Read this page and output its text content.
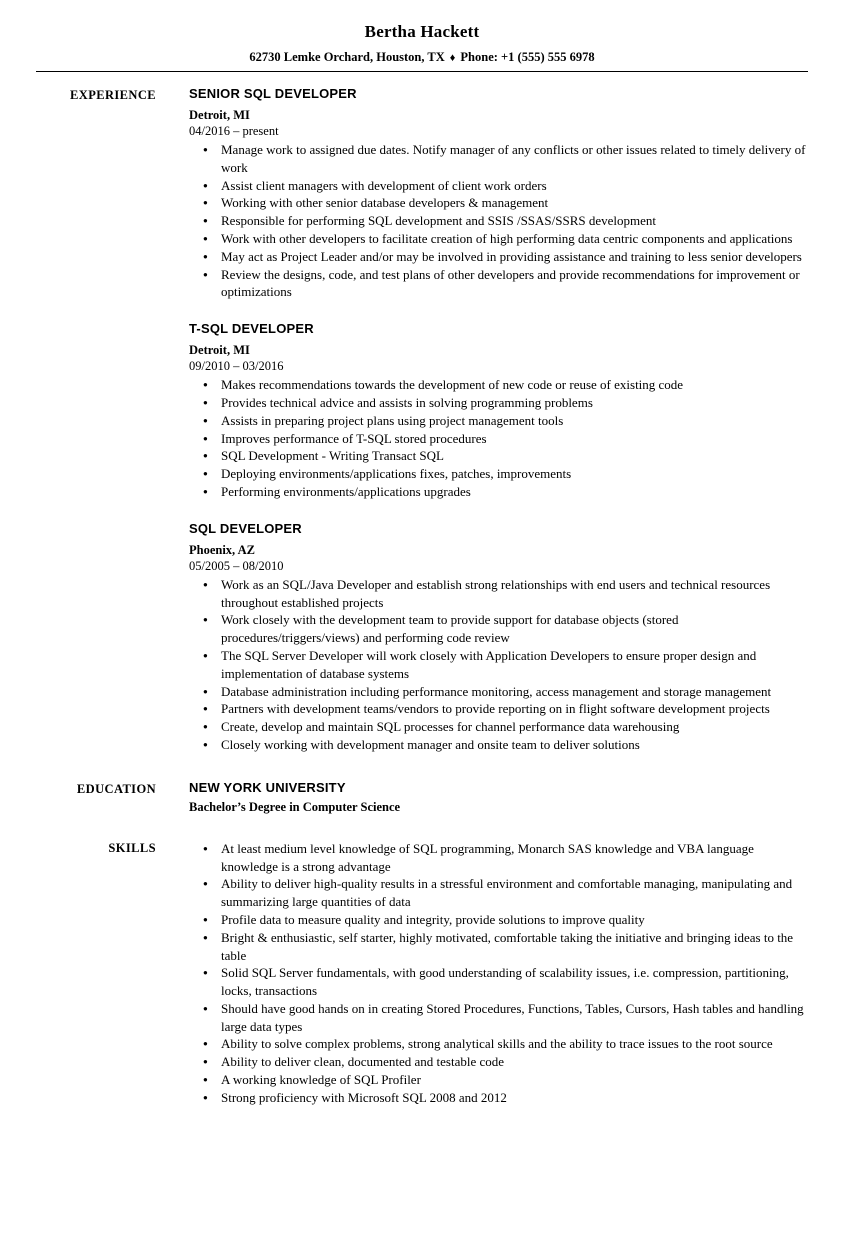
Bertha Hackett
62730 Lemke Orchard, Houston, TX ♦ Phone: +1 (555) 555 6978
EXPERIENCE	SENIOR SQL DEVELOPER
Detroit, MI
04/2016 – present
● Manage work to assigned due dates. Notify manager of any conflicts or other issues related to timely delivery of work
● Assist client managers with development of client work orders
● Working with other senior database developers & management
● Responsible for performing SQL development and SSIS /SSAS/SSRS development
● Work with other developers to facilitate creation of high performing data centric components and applications
● May act as Project Leader and/or may be involved in providing assistance and training to less senior developers
● Review the designs, code, and test plans of other developers and provide recommendations for improvement or optimizations
T-SQL DEVELOPER
Detroit, MI
09/2010 – 03/2016
● Makes recommendations towards the development of new code or reuse of existing code
● Provides technical advice and assists in solving programming problems
● Assists in preparing project plans using project management tools
● Improves performance of T-SQL stored procedures
● SQL Development - Writing Transact SQL
● Deploying environments/applications fixes, patches, improvements
● Performing environments/applications upgrades
SQL DEVELOPER
Phoenix, AZ
05/2005 – 08/2010
● Work as an SQL/Java Developer and establish strong relationships with end users and technical resources throughout established projects
● Work closely with the development team to provide support for database objects (stored procedures/triggers/views) and performing code review
● The SQL Server Developer will work closely with Application Developers to ensure proper design and implementation of database systems
● Database administration including performance monitoring, access management and storage management
● Partners with development teams/vendors to provide reporting on in flight software development projects
● Create, develop and maintain SQL processes for channel performance data warehousing
● Closely working with development manager and onsite team to deliver solutions
EDUCATION	NEW YORK UNIVERSITY
Bachelor’s Degree in Computer Science
SKILLS	● At least medium level knowledge of SQL programming, Monarch SAS knowledge and VBA language knowledge is a strong advantage
● Ability to deliver high-quality results in a stressful environment and comfortable managing, manipulating and summarizing large quantities of data
● Profile data to measure quality and integrity, provide solutions to improve quality
● Bright & enthusiastic, self starter, highly motivated, comfortable taking the initiative and bringing ideas to the table
● Solid SQL Server fundamentals, with good understanding of scalability issues, i.e. compression, partitioning, locks, transactions
● Should have good hands on in creating Stored Procedures, Functions, Tables, Cursors, Hash tables and handling large data types
● Ability to solve complex problems, strong analytical skills and the ability to trace issues to the root source
● Ability to deliver clean, documented and testable code
● A working knowledge of SQL Profiler
● Strong proficiency with Microsoft SQL 2008 and 2012
